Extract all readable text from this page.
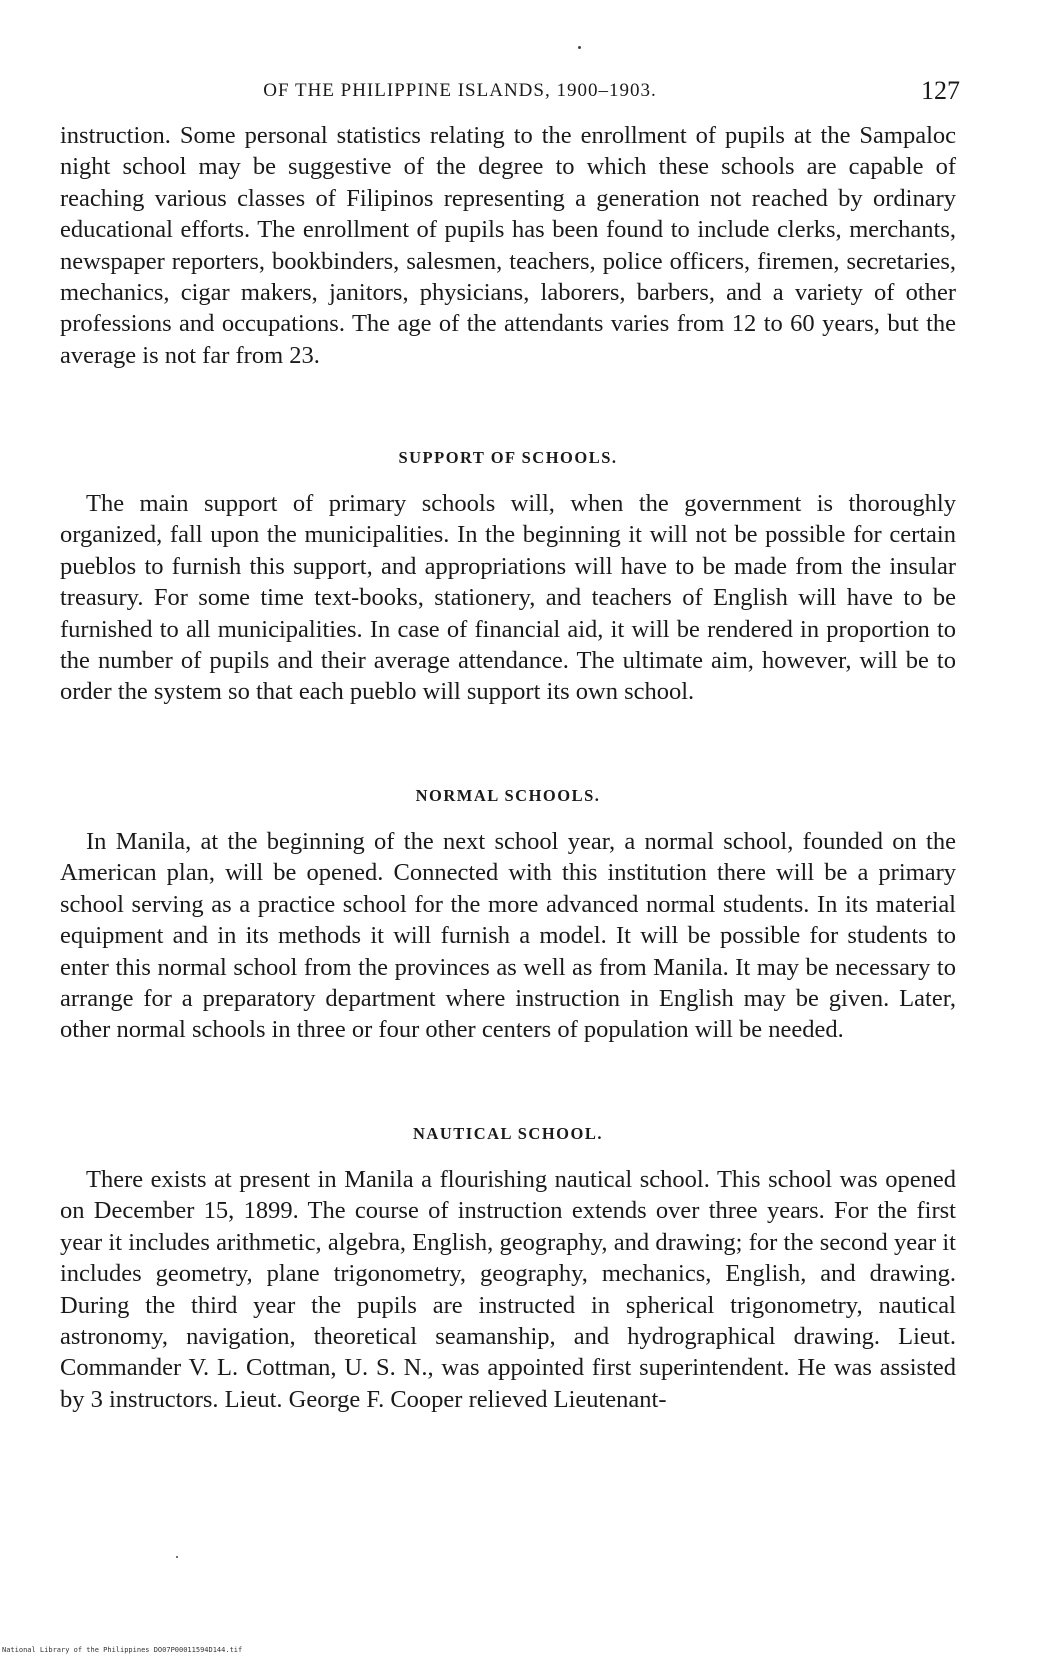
OF THE PHILIPPINE ISLANDS, 1900–1903.	127

instruction. Some personal statistics relating to the enrollment of pupils at the Sampaloc night school may be suggestive of the degree to which these schools are capable of reaching various classes of Filipinos representing a generation not reached by ordinary educational efforts. The enrollment of pupils has been found to include clerks, merchants, newspaper reporters, bookbinders, salesmen, teachers, police officers, firemen, secretaries, mechanics, cigar makers, janitors, physicians, laborers, barbers, and a variety of other professions and occupations. The age of the attendants varies from 12 to 60 years, but the average is not far from 23.

SUPPORT OF SCHOOLS.

The main support of primary schools will, when the government is thoroughly organized, fall upon the municipalities. In the beginning it will not be possible for certain pueblos to furnish this support, and appropriations will have to be made from the insular treasury. For some time text-books, stationery, and teachers of English will have to be furnished to all municipalities. In case of financial aid, it will be rendered in proportion to the number of pupils and their average attendance. The ultimate aim, however, will be to order the system so that each pueblo will support its own school.

NORMAL SCHOOLS.

In Manila, at the beginning of the next school year, a normal school, founded on the American plan, will be opened. Connected with this institution there will be a primary school serving as a practice school for the more advanced normal students. In its material equipment and in its methods it will furnish a model. It will be possible for students to enter this normal school from the provinces as well as from Manila. It may be necessary to arrange for a preparatory department where instruction in English may be given. Later, other normal schools in three or four other centers of population will be needed.

NAUTICAL SCHOOL.

There exists at present in Manila a flourishing nautical school. This school was opened on December 15, 1899. The course of instruction extends over three years. For the first year it includes arithmetic, algebra, English, geography, and drawing; for the second year it includes geometry, plane trigonometry, geography, mechanics, English, and drawing. During the third year the pupils are instructed in spherical trigonometry, nautical astronomy, navigation, theoretical seamanship, and hydrographical drawing. Lieut. Commander V. L. Cottman, U. S. N., was appointed first superintendent. He was assisted by 3 instructors. Lieut. George F. Cooper relieved Lieutenant-

National Library of the Philippines DO07P00011594D144.tif
